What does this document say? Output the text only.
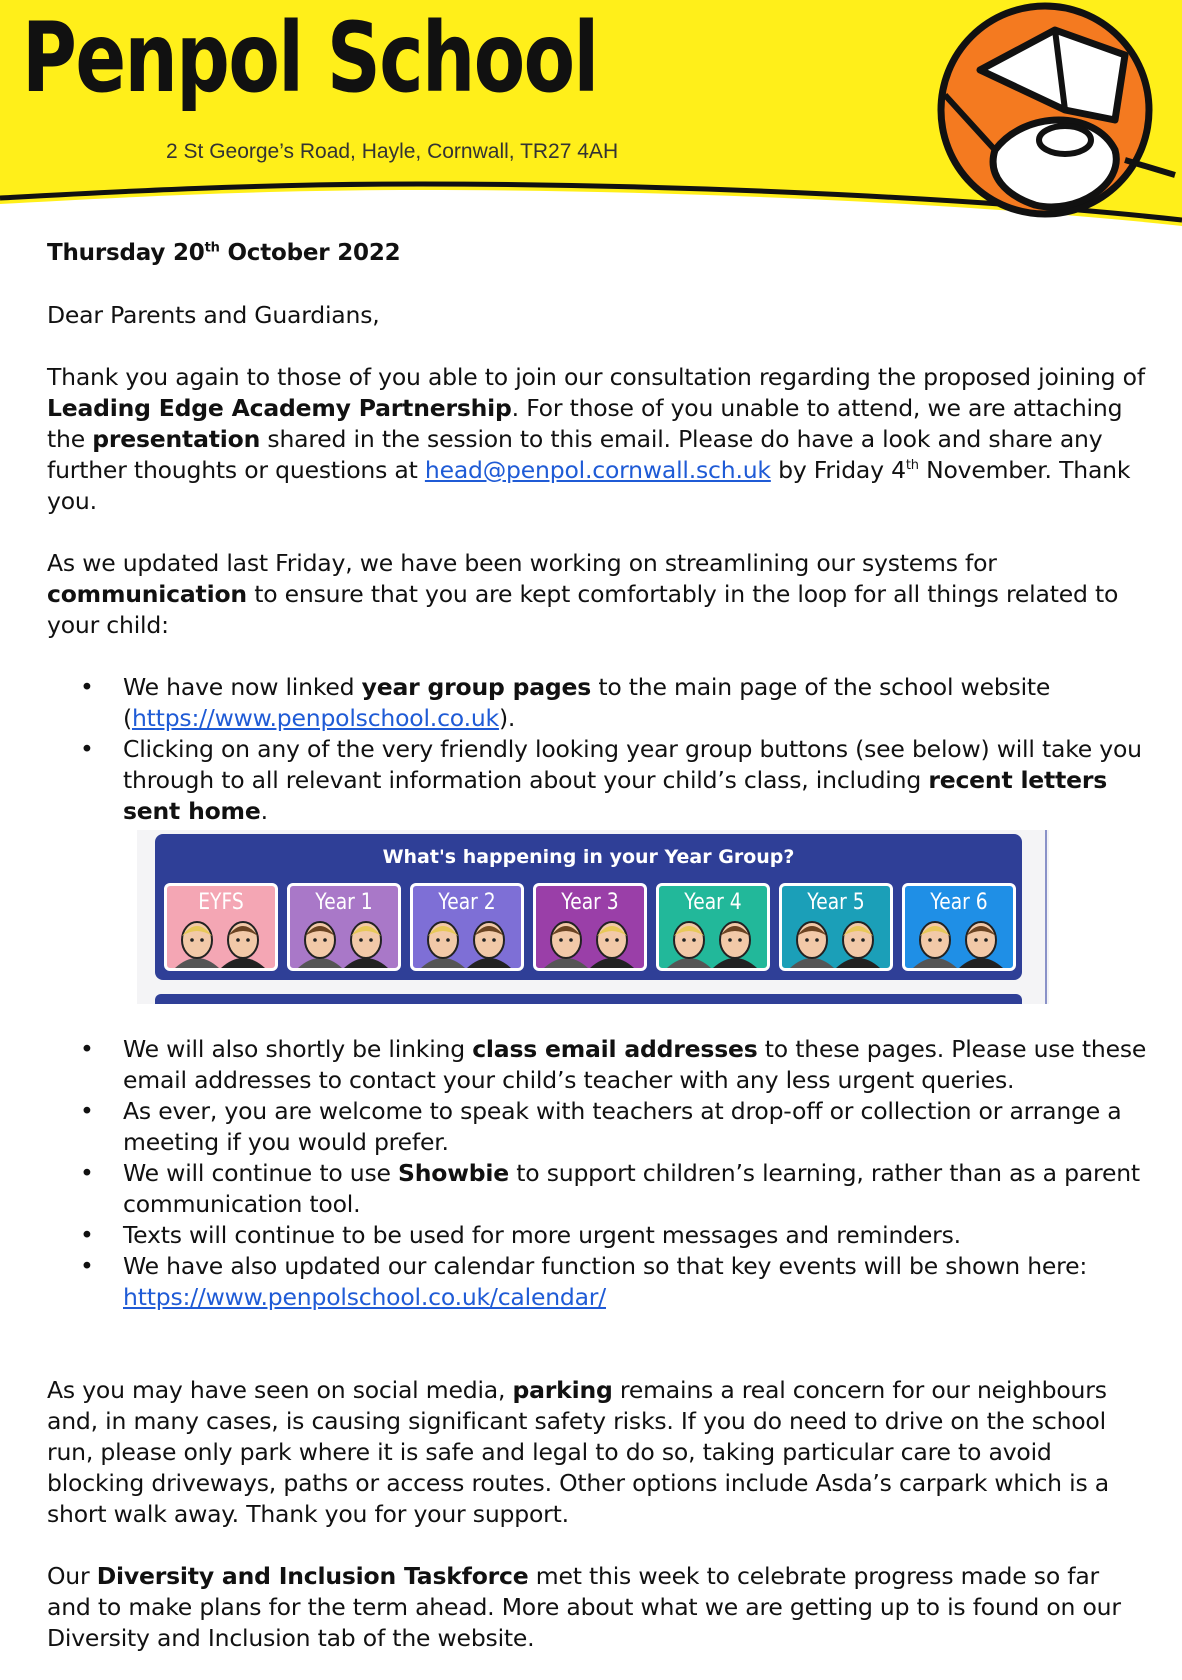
Penpol School
2 St George’s Road, Hayle, Cornwall, TR27 4AH
Thursday 20th October 2022
Dear Parents and Guardians,
Thank you again to those of you able to join our consultation regarding the proposed joining of Leading Edge Academy Partnership. For those of you unable to attend, we are attaching the presentation shared in the session to this email. Please do have a look and share any further thoughts or questions at head@penpol.cornwall.sch.uk by Friday 4th November. Thank you.
As we updated last Friday, we have been working on streamlining our systems for communication to ensure that you are kept comfortably in the loop for all things related to your child:
• We have now linked year group pages to the main page of the school website (https://www.penpolschool.co.uk).
• Clicking on any of the very friendly looking year group buttons (see below) will take you through to all relevant information about your child’s class, including recent letters sent home.
What's happening in your Year Group?
EYFS	Year 1	Year 2	Year 3	Year 4	Year 5	Year 6
• We will also shortly be linking class email addresses to these pages. Please use these email addresses to contact your child’s teacher with any less urgent queries.
• As ever, you are welcome to speak with teachers at drop-off or collection or arrange a meeting if you would prefer.
• We will continue to use Showbie to support children’s learning, rather than as a parent communication tool.
• Texts will continue to be used for more urgent messages and reminders.
• We have also updated our calendar function so that key events will be shown here: https://www.penpolschool.co.uk/calendar/
As you may have seen on social media, parking remains a real concern for our neighbours and, in many cases, is causing significant safety risks. If you do need to drive on the school run, please only park where it is safe and legal to do so, taking particular care to avoid blocking driveways, paths or access routes. Other options include Asda’s carpark which is a short walk away. Thank you for your support.
Our Diversity and Inclusion Taskforce met this week to celebrate progress made so far and to make plans for the term ahead. More about what we are getting up to is found on our Diversity and Inclusion tab of the website.
